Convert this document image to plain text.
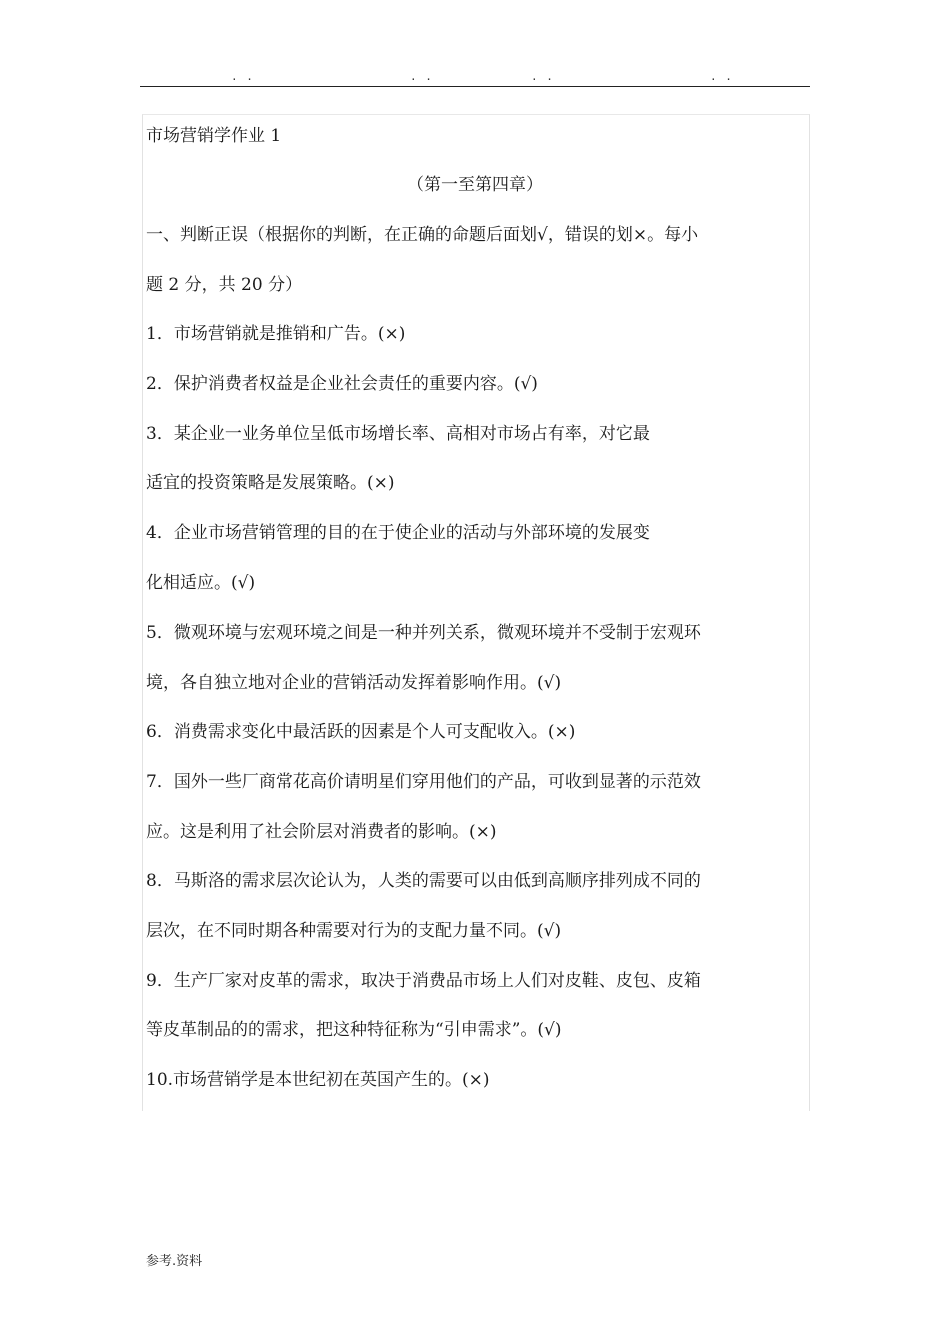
. .	. .	. .	. .
市场营销学作业 1
（第一至第四章）
一、判断正误（根据你的判断，在正确的命题后面划√，错误的划×。每小
题 2 分，共 20 分）
1．市场营销就是推销和广告。(×)
2．保护消费者权益是企业社会责任的重要内容。(√)
3．某企业一业务单位呈低市场增长率、高相对市场占有率，对它最
适宜的投资策略是发展策略。(×)
4．企业市场营销管理的目的在于使企业的活动与外部环境的发展变
化相适应。(√)
5．微观环境与宏观环境之间是一种并列关系，微观环境并不受制于宏观环
境，各自独立地对企业的营销活动发挥着影响作用。(√)
6．消费需求变化中最活跃的因素是个人可支配收入。(×)
7．国外一些厂商常花高价请明星们穿用他们的产品，可收到显著的示范效
应。这是利用了社会阶层对消费者的影响。(×)
8．马斯洛的需求层次论认为，人类的需要可以由低到高顺序排列成不同的
层次，在不同时期各种需要对行为的支配力量不同。(√)
9．生产厂家对皮革的需求，取决于消费品市场上人们对皮鞋、皮包、皮箱
等皮革制品的的需求，把这种特征称为“引申需求”。(√)
10.市场营销学是本世纪初在英国产生的。(×)
参考.资料
